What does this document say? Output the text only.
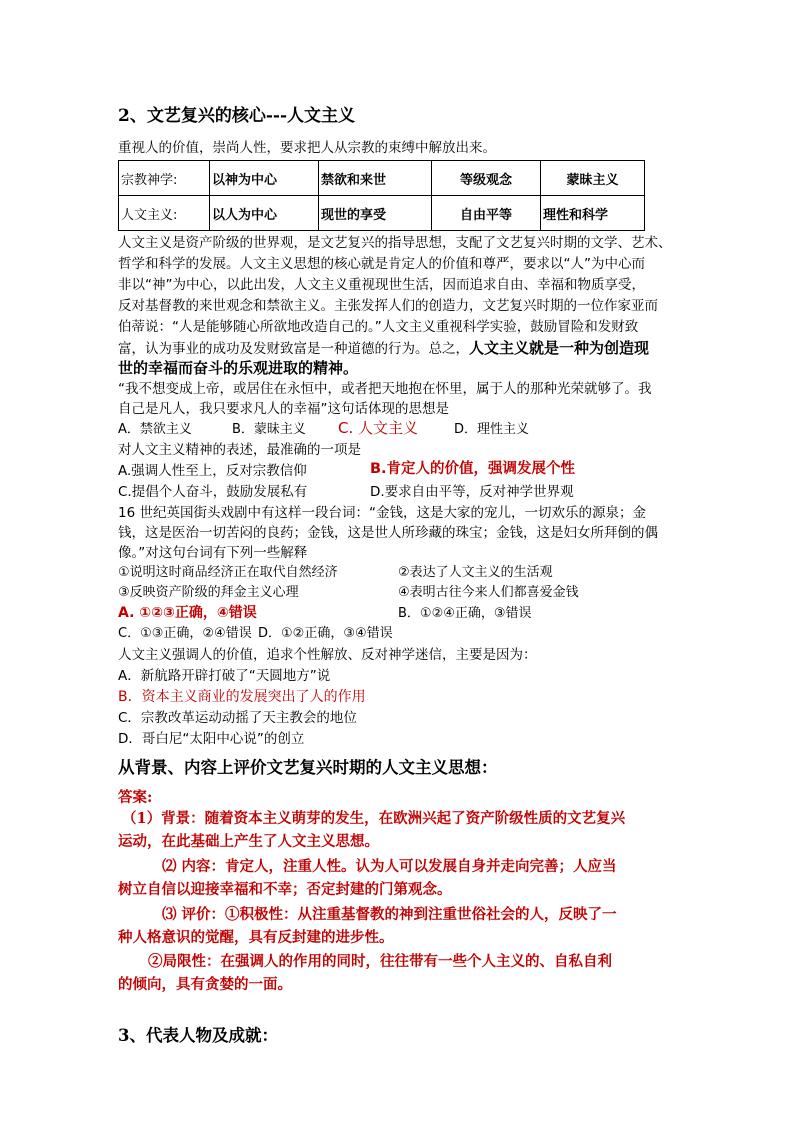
2、文艺复兴的核心---人文主义
重视人的价值，崇尚人性，要求把人从宗教的束缚中解放出来。
宗教神学:	以神为中心	禁欲和来世	等级观念	蒙昧主义
人文主义:	以人为中心	现世的享受	自由平等	理性和科学
人文主义是资产阶级的世界观，是文艺复兴的指导思想，支配了文艺复兴时期的文学、艺术、
哲学和科学的发展。人文主义思想的核心就是肯定人的价值和尊严，要求以“人”为中心而
非以“神”为中心，以此出发，人文主义重视现世生活，因而追求自由、幸福和物质享受，
反对基督教的来世观念和禁欲主义。主张发挥人们的创造力，文艺复兴时期的一位作家亚而
伯蒂说：“人是能够随心所欲地改造自己的。”人文主义重视科学实验，鼓励冒险和发财致
富，认为事业的成功及发财致富是一种道德的行为。总之，人文主义就是一种为创造现
世的幸福而奋斗的乐观进取的精神。
“我不想变成上帝，或居住在永恒中，或者把天地抱在怀里，属于人的那种光荣就够了。我
自己是凡人，我只要求凡人的幸福”这句话体现的思想是
A．禁欲主义	B．蒙昧主义 C. 人文主义	D．理性主义
对人文主义精神的表述，最准确的一项是
A.强调人性至上，反对宗教信仰	B.肯定人的价值，强调发展个性
C.提倡个人奋斗，鼓励发展私有	D.要求自由平等，反对神学世界观
16 世纪英国街头戏剧中有这样一段台词：“金钱，这是大家的宠儿，一切欢乐的源泉；金
钱，这是医治一切苦闷的良药；金钱，这是世人所珍藏的珠宝；金钱，这是妇女所拜倒的偶
像。”对这句台词有下列一些解释
①说明这时商品经济正在取代自然经济	②表达了人文主义的生活观
③反映资产阶级的拜金主义心理	④表明古往今来人们都喜爱金钱
A. ①②③正确，④错误	B．①②④正确，③错误
C．①③正确，②④错误 D．①②正确，③④错误
人文主义强调人的价值，追求个性解放、反对神学迷信，主要是因为：
A．新航路开辟打破了“天圆地方”说
B．资本主义商业的发展突出了人的作用
C．宗教改革运动动摇了天主教会的地位
D．哥白尼“太阳中心说”的创立
从背景、内容上评价文艺复兴时期的人文主义思想：
答案:
（1）背景：随着资本主义萌芽的发生，在欧洲兴起了资产阶级性质的文艺复兴
运动，在此基础上产生了人文主义思想。
⑵ 内容：肯定人，注重人性。认为人可以发展自身并走向完善；人应当
树立自信以迎接幸福和不幸；否定封建的门第观念。
⑶ 评价：①积极性：从注重基督教的神到注重世俗社会的人，反映了一
种人格意识的觉醒，具有反封建的进步性。
②局限性：在强调人的作用的同时，往往带有一些个人主义的、自私自利
的倾向，具有贪婪的一面。
3、代表人物及成就：
